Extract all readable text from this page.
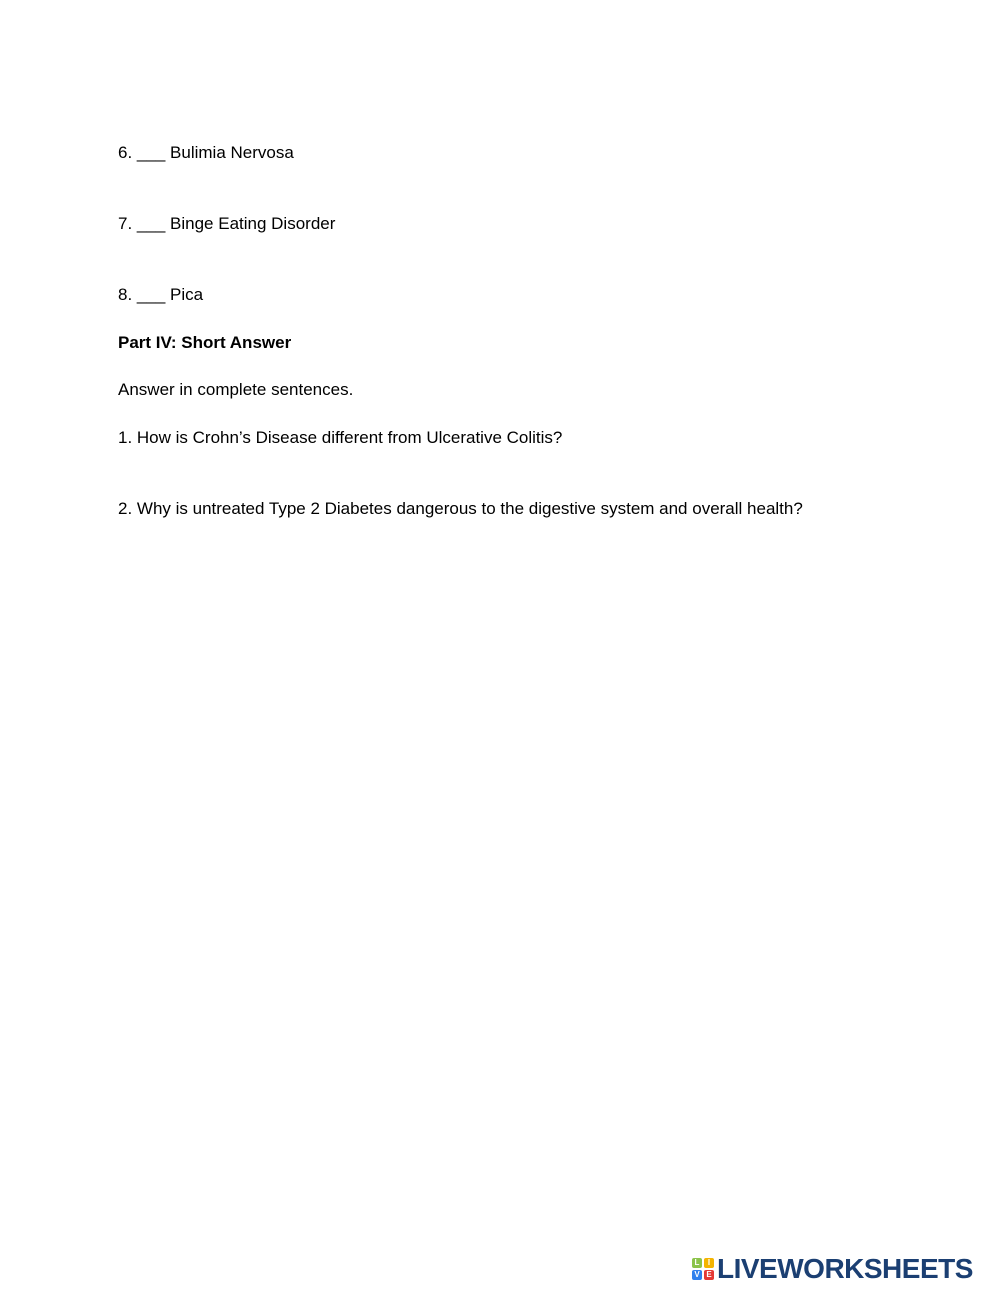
6. ___ Bulimia Nervosa
7. ___ Binge Eating Disorder
8. ___ Pica
Part IV: Short Answer
Answer in complete sentences.
1. How is Crohn’s Disease different from Ulcerative Colitis?
2. Why is untreated Type 2 Diabetes dangerous to the digestive system and overall health?
L	I
V E LIVEWORKSHEETS
